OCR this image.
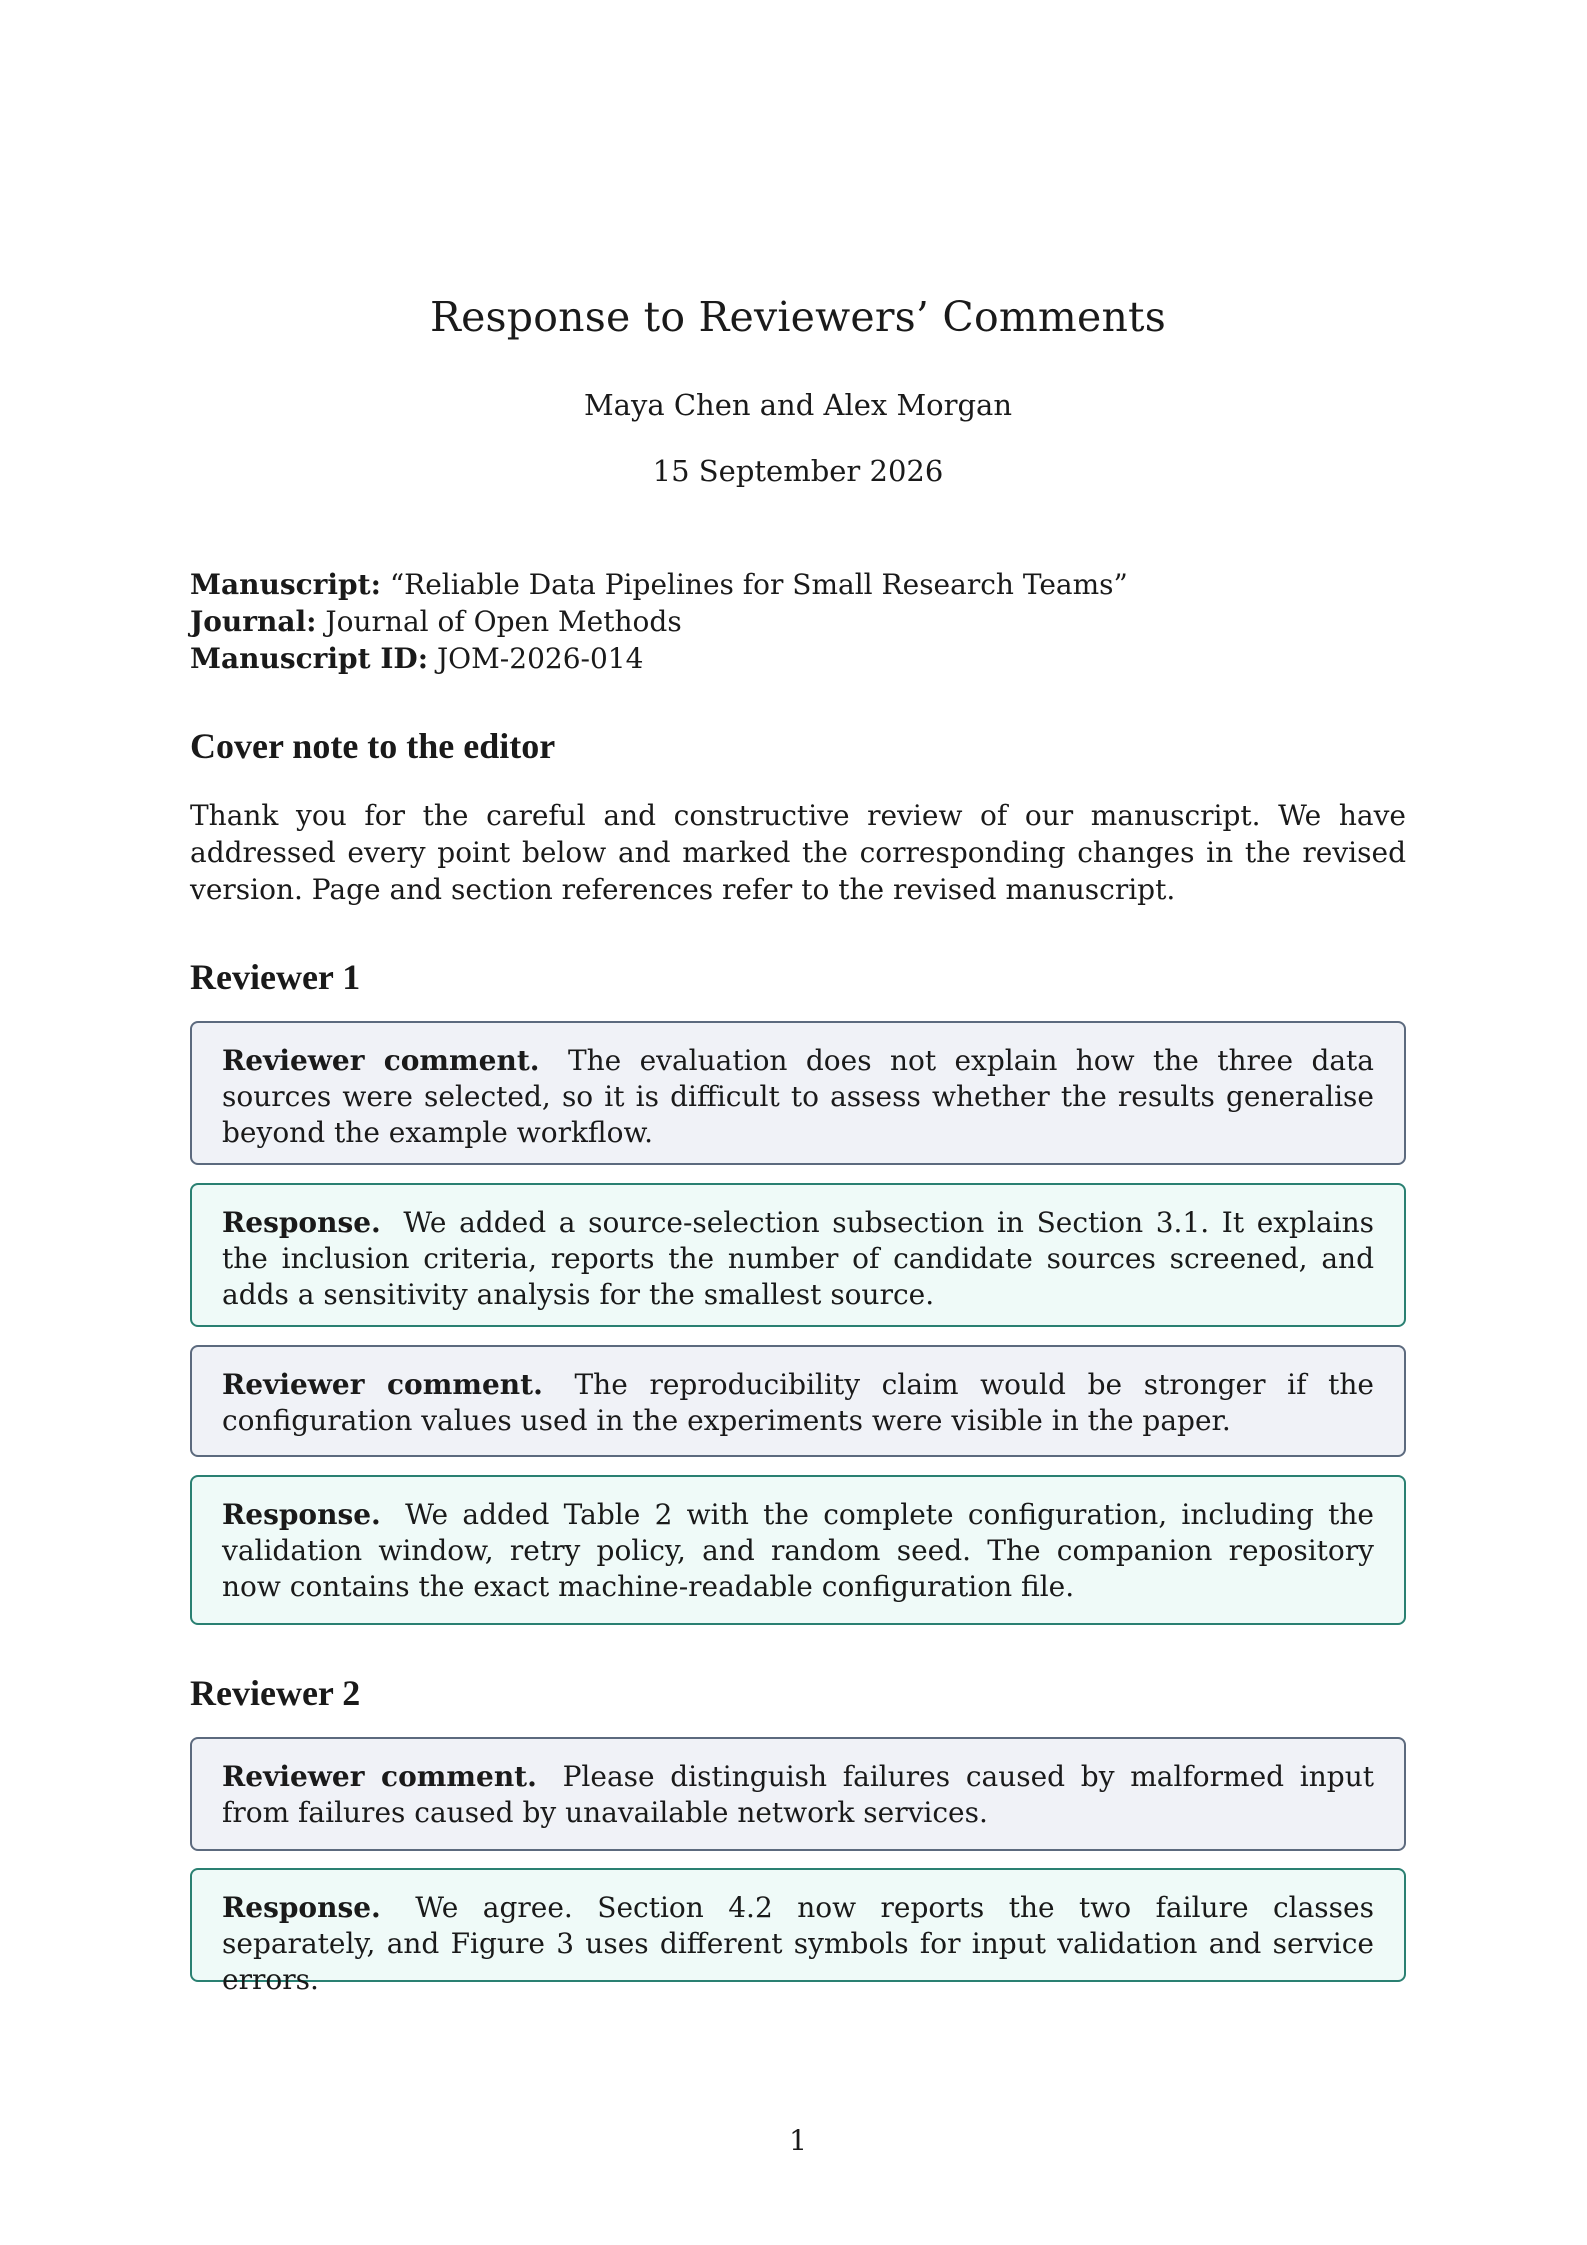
Response to Reviewers’ Comments
Maya Chen and Alex Morgan
15 September 2026
Manuscript: “Reliable Data Pipelines for Small Research Teams”
Journal: Journal of Open Methods
Manuscript ID: JOM-2026-014
Cover note to the editor

Thank you for the careful and constructive review of our manuscript. We have addressed every point below and marked the corresponding changes in the revised version. Page and section references refer to the revised manuscript.

Reviewer 1
Reviewer comment. The evaluation does not explain how the three data sources were selected, so it is difficult to assess whether the results generalise beyond the example workflow.
Response. We added a source-selection subsection in Section 3.1. It explains the inclusion criteria, reports the number of candidate sources screened, and adds a sensitivity analysis for the smallest source.
Reviewer comment. The reproducibility claim would be stronger if the configuration values used in the experiments were visible in the paper.
Response. We added Table 2 with the complete configuration, including the validation window, retry policy, and random seed. The companion repository now contains the exact machine-readable configuration file.
Reviewer 2
Reviewer comment. Please distinguish failures caused by malformed input from failures caused by unavailable network services.
Response. We agree. Section 4.2 now reports the two failure classes separately, and Figure 3 uses different symbols for input validation and service errors.
1
